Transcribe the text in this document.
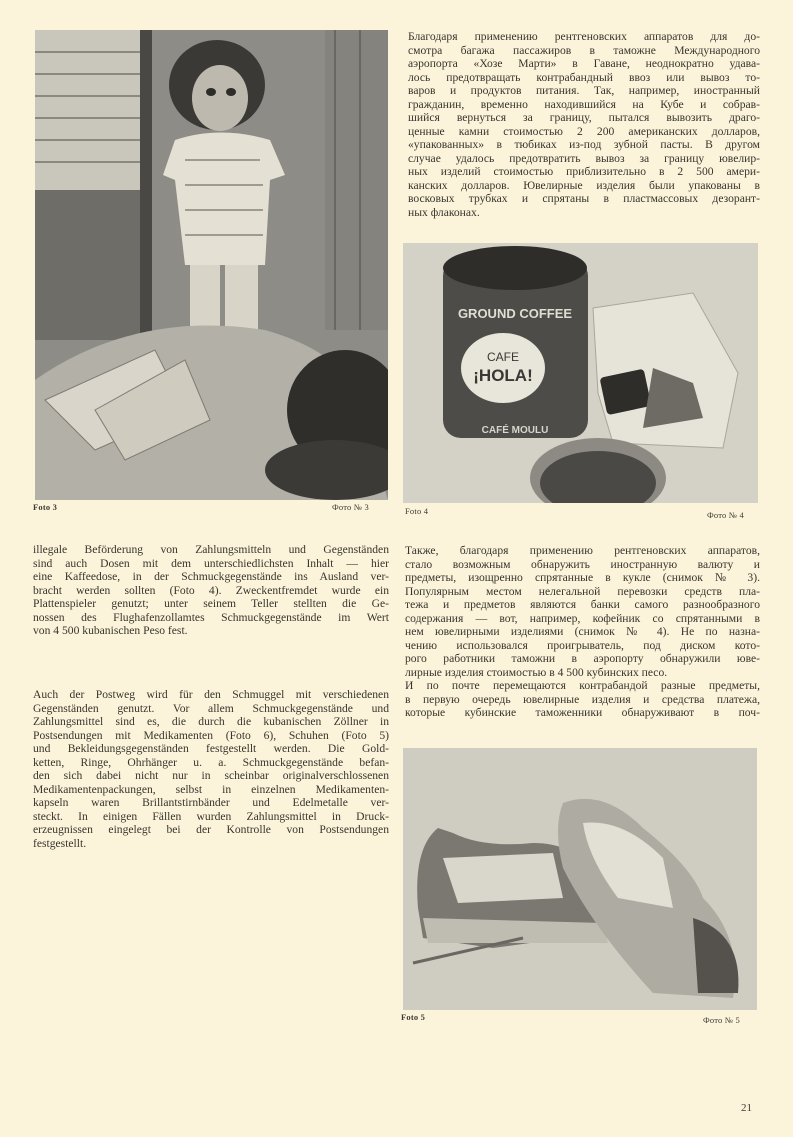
Foto 3	Фото № 3
Благодаря применению рентгеновских аппаратов для до-
смотра багажа пассажиров в таможне Международного
аэропорта «Хозе Марти» в Гаване, неоднократно удава-
лось предотвращать контрабандный ввоз или вывоз то-
варов и продуктов питания. Так, например, иностранный
гражданин, временно находившийся на Кубе и собрав-
шийся вернуться за границу, пытался вывозить драго-
ценные камни стоимостью 2 200 американских долларов,
«упакованных» в тюбиках из-под зубной пасты. В другом
случае удалось предотвратить вывоз за границу ювелир-
ных изделий стоимостью приблизительно в 2 500 амери-
канских долларов. Ювелирные изделия были упакованы в
восковых трубках и спрятаны в пластмассовых дезорант-
ных флаконах.
GROUND COFFEE
CAFE
¡HOLA!
CAFÉ MOULU
Foto 4	Фото № 4
illegale Beförderung von Zahlungsmitteln und Gegenständen
sind auch Dosen mit dem unterschiedlichsten Inhalt — hier
eine Kaffeedose, in der Schmuckgegenstände ins Ausland ver-
bracht werden sollten (Foto 4). Zweckentfremdet wurde ein
Plattenspieler genutzt; unter seinem Teller stellten die Ge-
nossen des Flughafenzollamtes Schmuckgegenstände im Wert
von 4 500 kubanischen Peso fest.
Auch der Postweg wird für den Schmuggel mit verschiedenen
Gegenständen genutzt. Vor allem Schmuckgegenstände und
Zahlungsmittel sind es, die durch die kubanischen Zöllner in
Postsendungen mit Medikamenten (Foto 6), Schuhen (Foto 5)
und Bekleidungsgegenständen festgestellt werden. Die Gold-
ketten, Ringe, Ohrhänger u. a. Schmuckgegenstände befan-
den sich dabei nicht nur in scheinbar originalverschlossenen
Medikamentenpackungen, selbst in einzelnen Medikamenten-
kapseln waren Brillantstirnbänder und Edelmetalle ver-
steckt. In einigen Fällen wurden Zahlungsmittel in Druck-
erzeugnissen eingelegt bei der Kontrolle von Postsendungen
festgestellt.
Также, благодаря применению рентгеновских аппаратов,
стало возможным обнаружить иностранную валюту и
предметы, изощренно спрятанные в кукле (снимок № 3).
Популярным местом нелегальной перевозки средств пла-
тежа и предметов являются банки самого разнообразного
содержания — вот, например, кофейник со спрятанными в
нем ювелирными изделиями (снимок № 4). Не по назна-
чению использовался проигрыватель, под диском кото-
рого работники таможни в аэропорту обнаружили юве-
лирные изделия стоимостью в 4 500 кубинских песо.
И по почте перемещаются контрабандой разные предметы,
в первую очередь ювелирные изделия и средства платежа,
которые кубинские таможенники обнаруживают в поч-
Foto 5	Фото № 5
21
